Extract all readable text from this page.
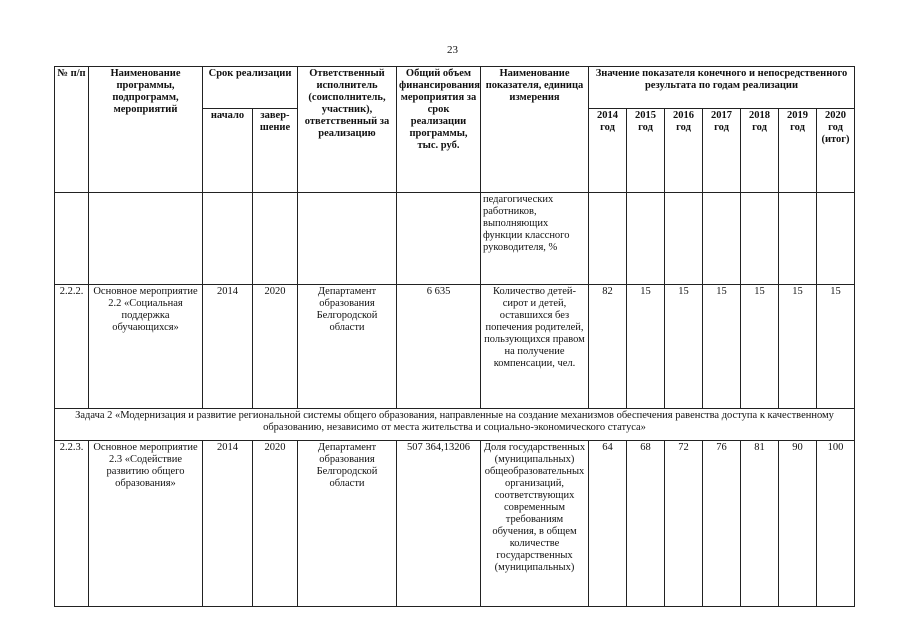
23
№ п/п	Наименование программы, подпрограмм, мероприятий	Срок реализации		Ответственный исполнитель (соисполнитель, участник), ответственный за реализацию	Общий объем финансирования мероприятия за срок реализации программы, тыс. руб.	Наименование показателя, единица измерения	Значение показателя конечного и непосредственного результата по годам реализации						
		начало	завер-шение				2014 год	2015 год	2016 год	2017 год	2018 год	2019 год	2020 год (итог)
						педагогических работников, выполняющих функции классного руководителя, %							
2.2.2.	Основное мероприятие 2.2 «Социальная поддержка обучающихся»	2014	2020	Департамент образования Белгородской области	6 635	Количество детей-сирот и детей, оставшихся без попечения родителей, пользующихся правом на получение компенсации, чел.	82	15	15	15	15	15	15
Задача 2 «Модернизация и развитие региональной системы общего образования, направленные на создание механизмов обеспечения равенства доступа к качественному образованию, независимо от места жительства и социально-экономического статуса»													
2.2.3.	Основное мероприятие 2.3 «Содействие развитию общего образования»	2014	2020	Департамент образования Белгородской области	507 364,13206	Доля государственных (муниципальных) общеобразовательных организаций, соответствующих современным требованиям обучения, в общем количестве государственных (муниципальных)	64	68	72	76	81	90	100
